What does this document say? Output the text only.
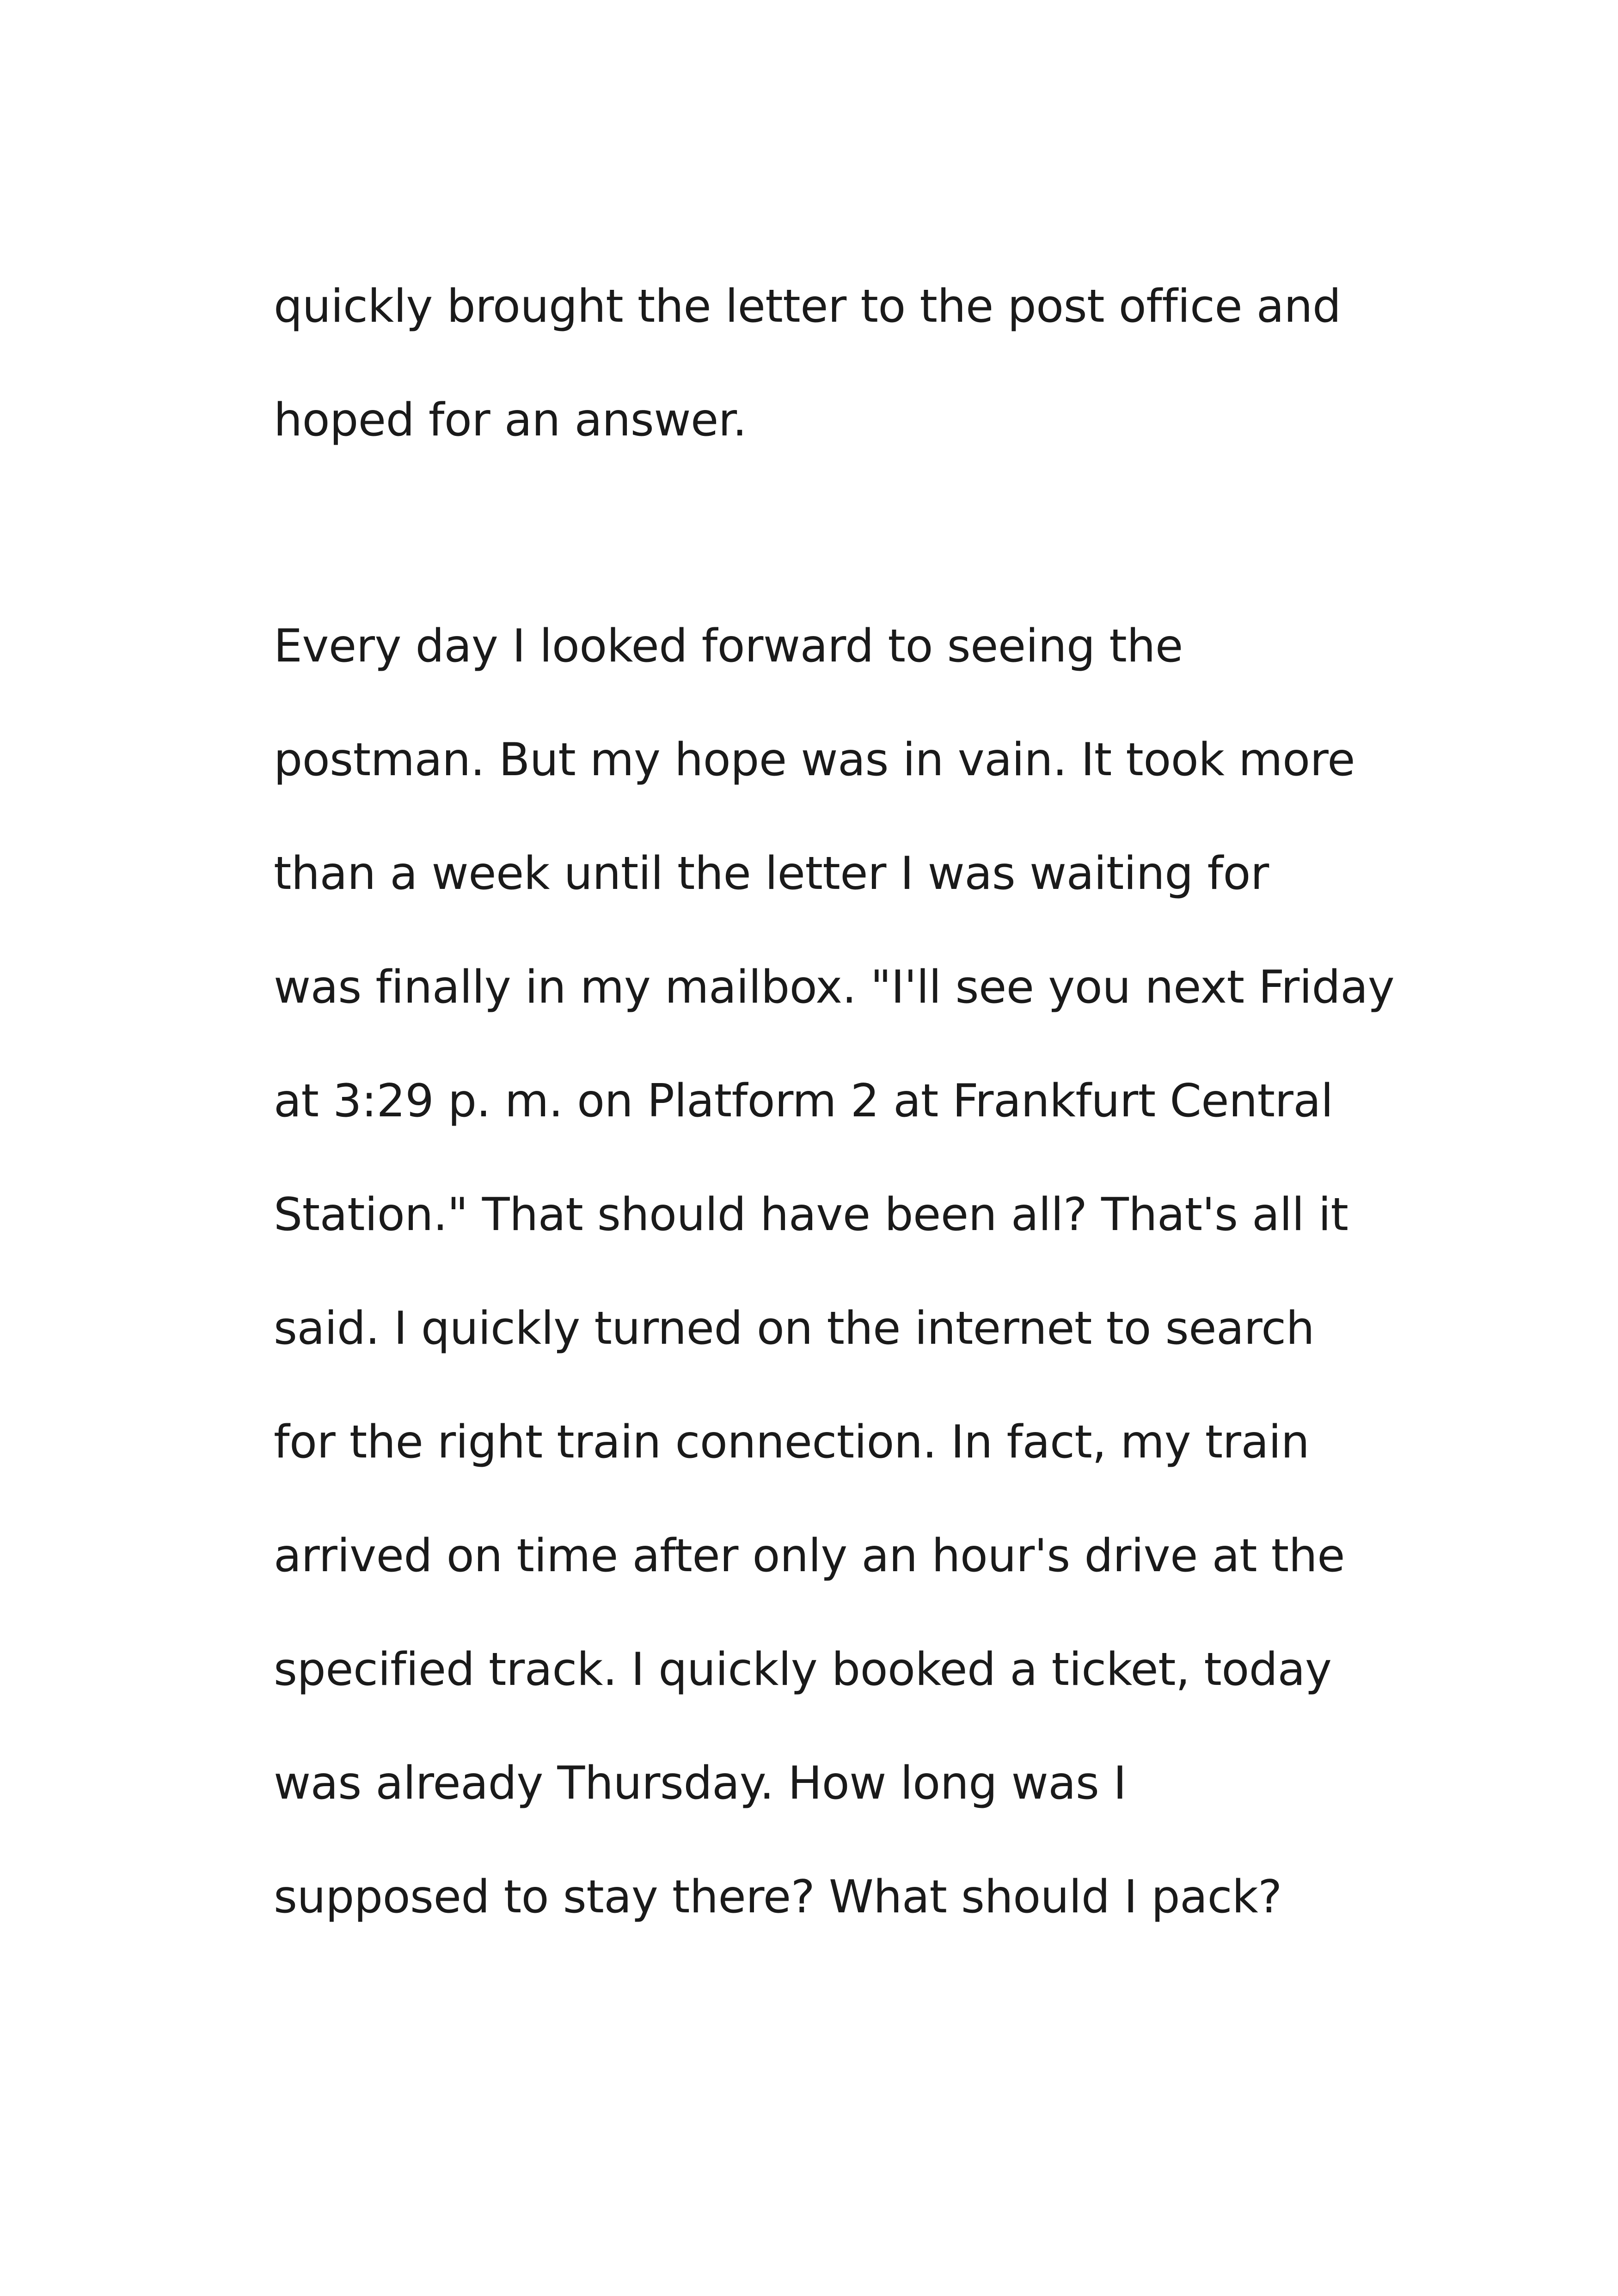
quickly brought the letter to the post office and
hoped for an answer.

Every day I looked forward to seeing the
postman. But my hope was in vain. It took more
than a week until the letter I was waiting for
was finally in my mailbox. "I'll see you next Friday
at 3:29 p. m. on Platform 2 at Frankfurt Central
Station." That should have been all? That's all it
said. I quickly turned on the internet to search
for the right train connection. In fact, my train
arrived on time after only an hour's drive at the
specified track. I quickly booked a ticket, today
was already Thursday. How long was I
supposed to stay there? What should I pack?
